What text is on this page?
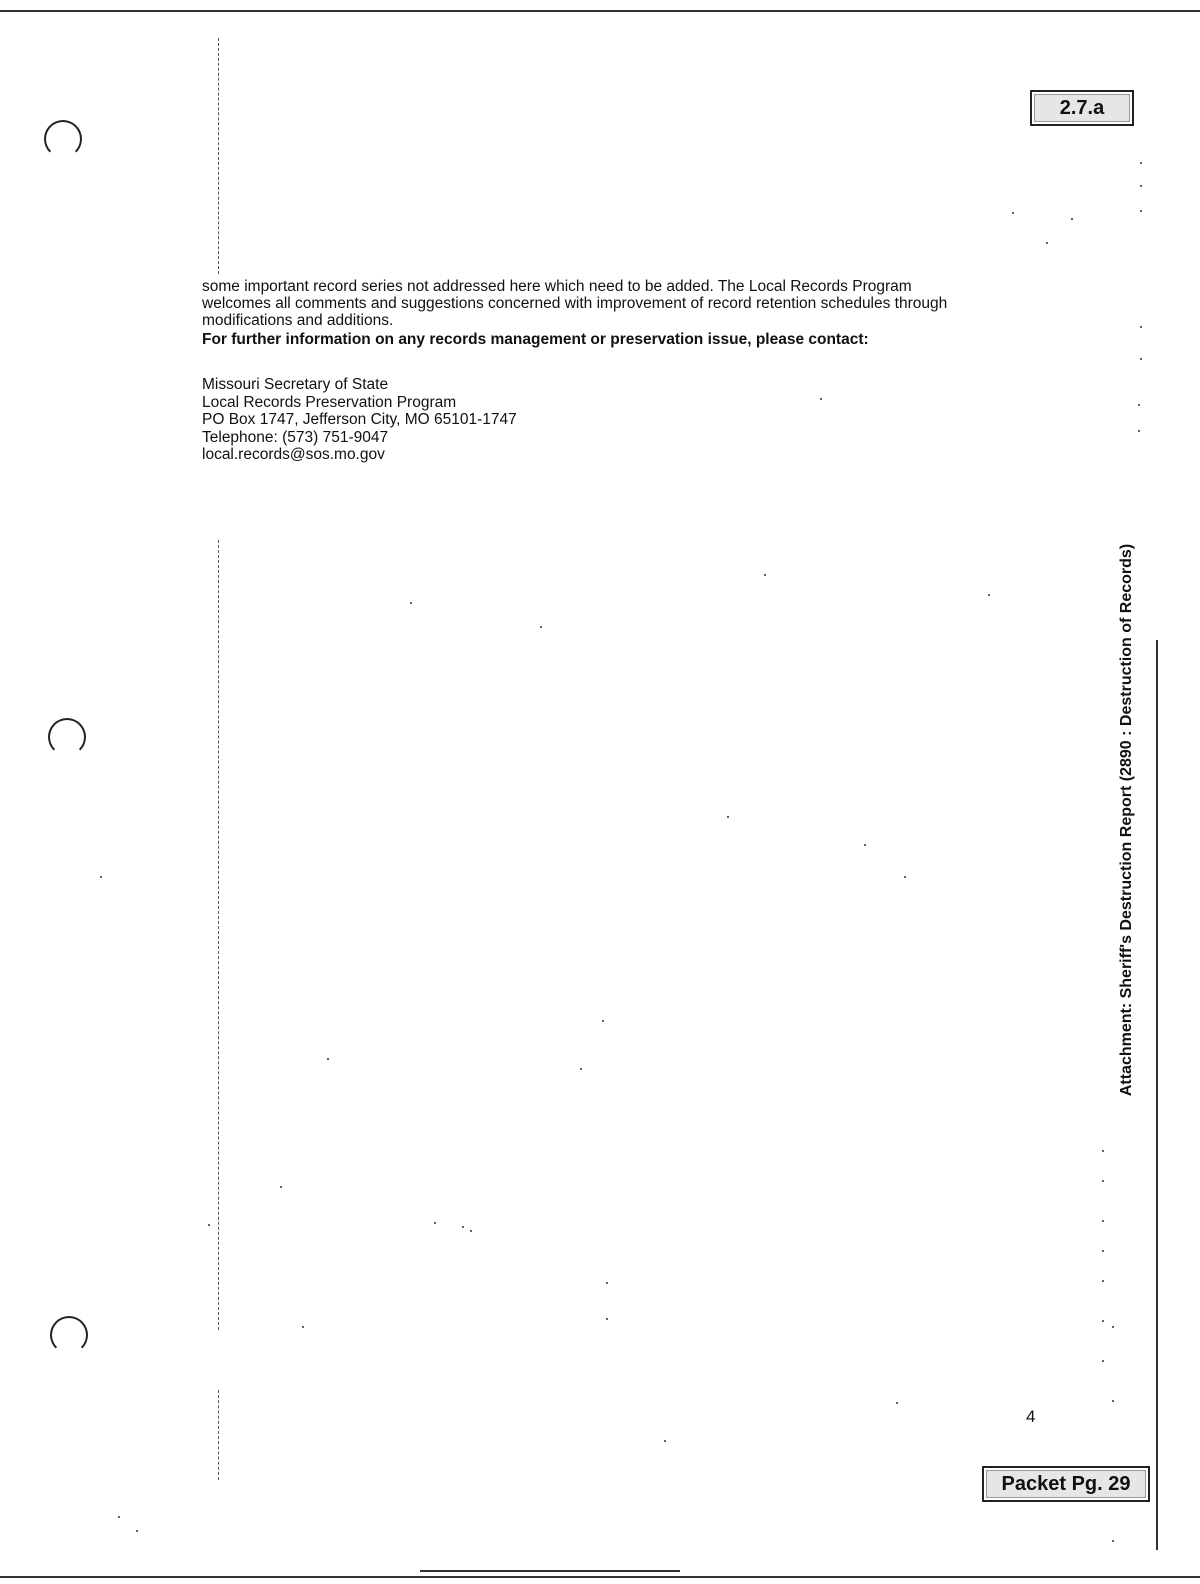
2.7.a

some important record series not addressed here which need to be added. The Local Records Program

welcomes all comments and suggestions concerned with improvement of record retention schedules through

modifications and additions.

For further information on any records management or preservation issue, please contact:

Missouri Secretary of State
Local Records Preservation Program
PO Box 1747, Jefferson City, MO 65101-1747
Telephone: (573) 751-9047
local.records@sos.mo.gov
Attachment: Sheriff's Destruction Report (2890 : Destruction of Records)
4
Packet Pg. 29
